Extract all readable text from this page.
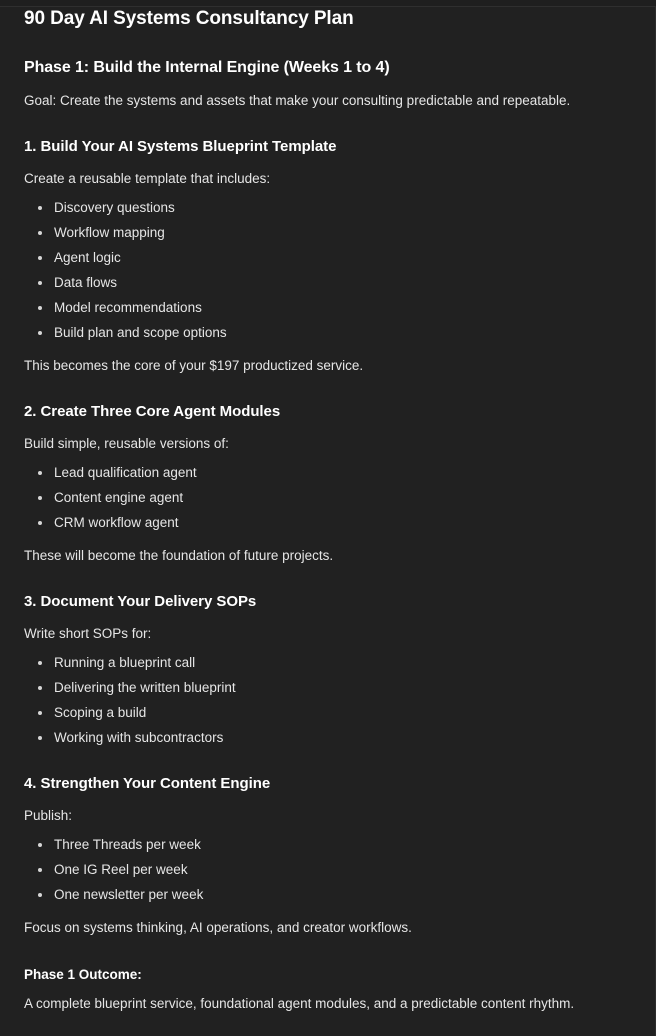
90 Day AI Systems Consultancy Plan
Phase 1: Build the Internal Engine (Weeks 1 to 4)

Goal: Create the systems and assets that make your consulting predictable and repeatable.

1. Build Your AI Systems Blueprint Template

Create a reusable template that includes:

Discovery questions
Workflow mapping
Agent logic
Data flows
Model recommendations
Build plan and scope options

This becomes the core of your $197 productized service.

2. Create Three Core Agent Modules

Build simple, reusable versions of:

Lead qualification agent
Content engine agent
CRM workflow agent

These will become the foundation of future projects.

3. Document Your Delivery SOPs

Write short SOPs for:

Running a blueprint call
Delivering the written blueprint
Scoping a build
Working with subcontractors
4. Strengthen Your Content Engine

Publish:

Three Threads per week
One IG Reel per week
One newsletter per week

Focus on systems thinking, AI operations, and creator workflows.

Phase 1 Outcome:

A complete blueprint service, foundational agent modules, and a predictable content rhythm.
